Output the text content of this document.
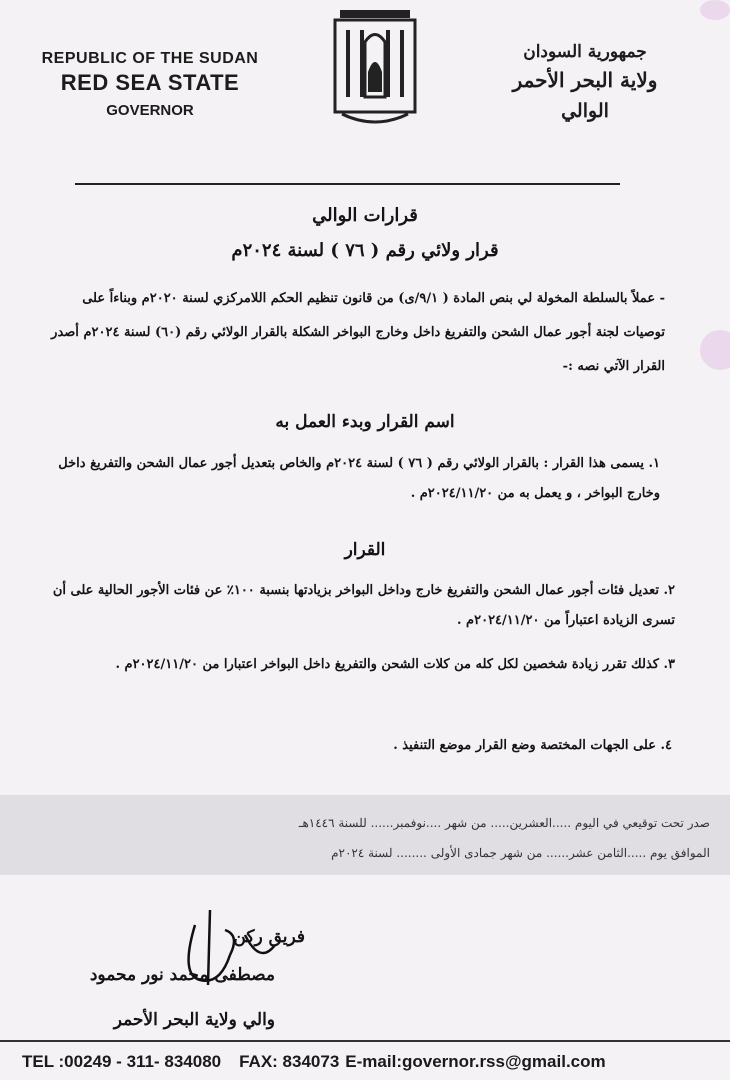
REPUBLIC OF THE SUDAN
RED SEA STATE
GOVERNOR
جمهورية السودان
ولاية البحر الأحمر
الوالي
قرارات الوالي
قرار ولائي رقم ( ٧٦ ) لسنة ٢٠٢٤م
- عملاً بالسلطة المخولة لي بنص المادة ( ٩/١/ى) من قانون تنظيم الحكم اللامركزي لسنة ٢٠٢٠م وبناءاً على توصيات لجنة أجور عمال الشحن والتفريغ داخل وخارج البواخر الشكلة بالقرار الولائي رقم (٦٠) لسنة ٢٠٢٤م أصدر القرار الآتي نصه :-
اسم القرار وبدء العمل به
١. يسمى هذا القرار : بالقرار الولائي رقم ( ٧٦ ) لسنة ٢٠٢٤م والخاص بتعديل أجور عمال الشحن والتفريغ داخل وخارج البواخر ، و يعمل به من ٢٠٢٤/١١/٢٠م .
القرار
٢. تعديل فئات أجور عمال الشحن والتفريغ خارج وداخل البواخر بزيادتها بنسبة ١٠٠٪ عن فئات الأجور الحالية على أن تسرى الزيادة اعتباراً من ٢٠٢٤/١١/٢٠م .
٣. كذلك تقرر زيادة شخصين لكل كله من كلات الشحن والتفريغ داخل البواخر اعتبارا من ٢٠٢٤/١١/٢٠م .
٤. على الجهات المختصة وضع القرار موضع التنفيذ .
صدر تحت توقيعي في اليوم .....العشرين..... من شهر ....نوفمبر...... للسنة ١٤٤٦هـ
الموافق يوم .....الثامن عشر...... من شهر جمادى الأولى ........ لسنة ٢٠٢٤م
فريق ركن
مصطفى محمد نور محمود
والي ولاية البحر الأحمر
TEL :00249 - 311- 834080 FAX: 834073 E-mail:governor.rss@gmail.com
